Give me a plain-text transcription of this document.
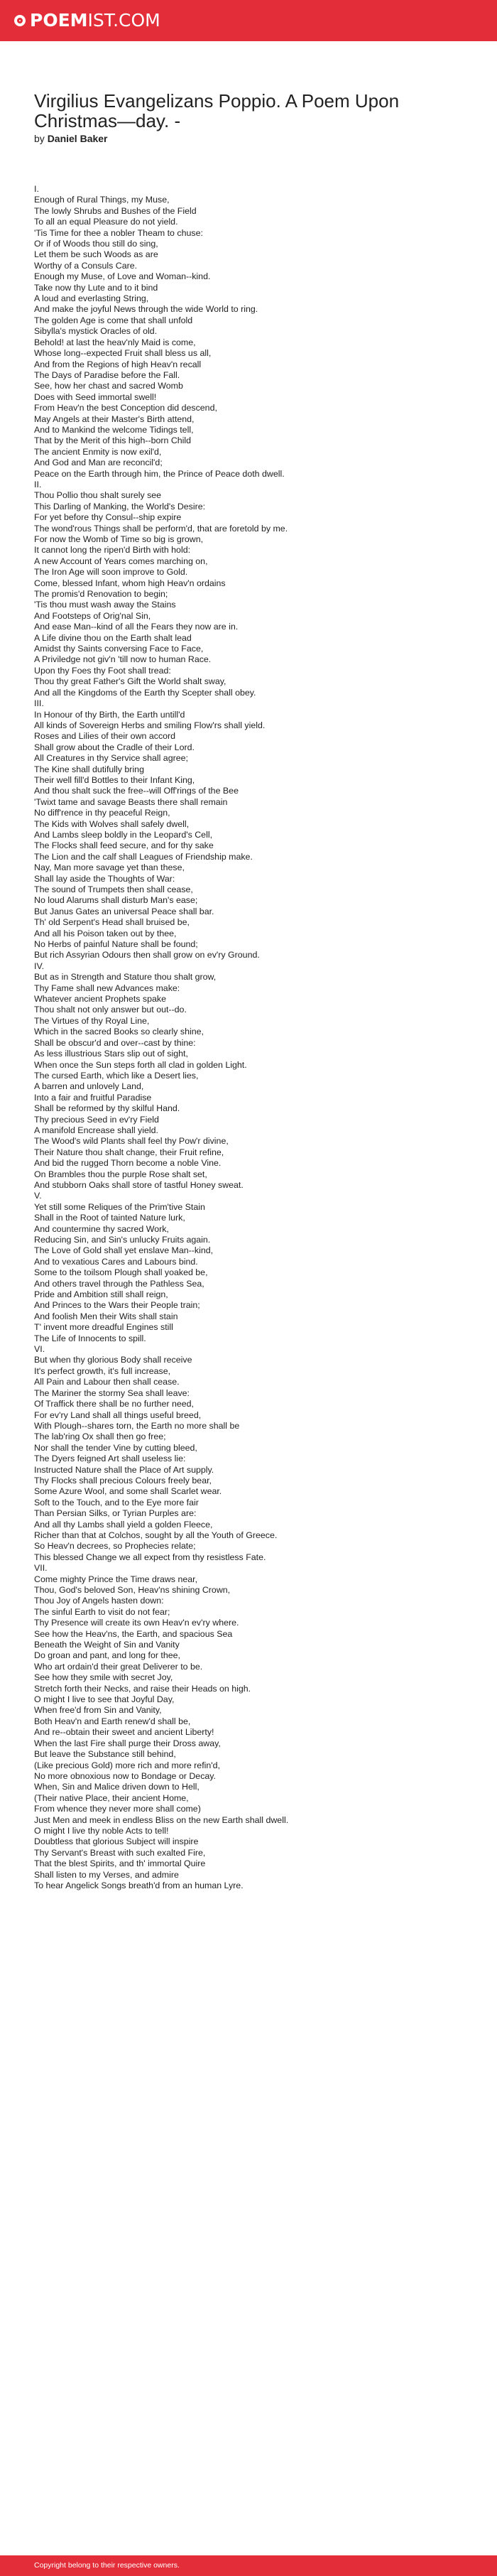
POEM IST.COM
Virgilius Evangelizans Poppio. A Poem Upon Christmas—day. -
by Daniel Baker
I.
Enough of Rural Things, my Muse,
The lowly Shrubs and Bushes of the Field
To all an equal Pleasure do not yield.
'Tis Time for thee a nobler Theam to chuse:
Or if of Woods thou still do sing,
Let them be such Woods as are
Worthy of a Consuls Care.
Enough my Muse, of Love and Woman--kind.
Take now thy Lute and to it bind
A loud and everlasting String,
And make the joyful News through the wide World to ring.
The golden Age is come that shall unfold
Sibylla's mystick Oracles of old.
Behold! at last the heav'nly Maid is come,
Whose long--expected Fruit shall bless us all,
And from the Regions of high Heav'n recall
The Days of Paradise before the Fall.
See, how her chast and sacred Womb
Does with Seed immortal swell!
From Heav'n the best Conception did descend,
May Angels at their Master's Birth attend,
And to Mankind the welcome Tidings tell,
That by the Merit of this high--born Child
The ancient Enmity is now exil'd,
And God and Man are reconcil'd;
Peace on the Earth through him, the Prince of Peace doth dwell.
II.
Thou Pollio thou shalt surely see
This Darling of Manking, the World's Desire:
For yet before thy Consul--ship expire
The wond'rous Things shall be perform'd, that are foretold by me.
For now the Womb of Time so big is grown,
It cannot long the ripen'd Birth with hold:
A new Account of Years comes marching on,
The Iron Age will soon improve to Gold.
Come, blessed Infant, whom high Heav'n ordains
The promis'd Renovation to begin;
'Tis thou must wash away the Stains
And Footsteps of Orig'nal Sin,
And ease Man--kind of all the Fears they now are in.
A Life divine thou on the Earth shalt lead
Amidst thy Saints conversing Face to Face,
A Priviledge not giv'n 'till now to human Race.
Upon thy Foes thy Foot shall tread:
Thou thy great Father's Gift the World shalt sway,
And all the Kingdoms of the Earth thy Scepter shall obey.
III.
In Honour of thy Birth, the Earth untill'd
All kinds of Sovereign Herbs and smiling Flow'rs shall yield.
Roses and Lilies of their own accord
Shall grow about the Cradle of their Lord.
All Creatures in thy Service shall agree;
The Kine shall dutifully bring
Their well fill'd Bottles to their Infant King,
And thou shalt suck the free--will Off'rings of the Bee
'Twixt tame and savage Beasts there shall remain
No diff'rence in thy peaceful Reign,
The Kids with Wolves shall safely dwell,
And Lambs sleep boldly in the Leopard's Cell,
The Flocks shall feed secure, and for thy sake
The Lion and the calf shall Leagues of Friendship make.
Nay, Man more savage yet than these,
Shall lay aside the Thoughts of War:
The sound of Trumpets then shall cease,
No loud Alarums shall disturb Man's ease;
But Janus Gates an universal Peace shall bar.
Th' old Serpent's Head shall bruised be,
And all his Poison taken out by thee,
No Herbs of painful Nature shall be found;
But rich Assyrian Odours then shall grow on ev'ry Ground.
IV.
But as in Strength and Stature thou shalt grow,
Thy Fame shall new Advances make:
Whatever ancient Prophets spake
Thou shalt not only answer but out--do.
The Virtues of thy Royal Line,
Which in the sacred Books so clearly shine,
Shall be obscur'd and over--cast by thine:
As less illustrious Stars slip out of sight,
When once the Sun steps forth all clad in golden Light.
The cursed Earth, which like a Desert lies,
A barren and unlovely Land,
Into a fair and fruitful Paradise
Shall be reformed by thy skilful Hand.
Thy precious Seed in ev'ry Field
A manifold Encrease shall yield.
The Wood's wild Plants shall feel thy Pow'r divine,
Their Nature thou shalt change, their Fruit refine,
And bid the rugged Thorn become a noble Vine.
On Brambles thou the purple Rose shalt set,
And stubborn Oaks shall store of tastful Honey sweat.
V.
Yet still some Reliques of the Prim'tive Stain
Shall in the Root of tainted Nature lurk,
And countermine thy sacred Work,
Reducing Sin, and Sin's unlucky Fruits again.
The Love of Gold shall yet enslave Man--kind,
And to vexatious Cares and Labours bind.
Some to the toilsom Plough shall yoaked be,
And others travel through the Pathless Sea,
Pride and Ambition still shall reign,
And Princes to the Wars their People train;
And foolish Men their Wits shall stain
T' invent more dreadful Engines still
The Life of Innocents to spill.
VI.
But when thy glorious Body shall receive
It's perfect growth, it's full increase,
All Pain and Labour then shall cease.
The Mariner the stormy Sea shall leave:
Of Traffick there shall be no further need,
For ev'ry Land shall all things useful breed,
With Plough--shares torn, the Earth no more shall be
The lab'ring Ox shall then go free;
Nor shall the tender Vine by cutting bleed,
The Dyers feigned Art shall useless lie:
Instructed Nature shall the Place of Art supply.
Thy Flocks shall precious Colours freely bear,
Some Azure Wool, and some shall Scarlet wear.
Soft to the Touch, and to the Eye more fair
Than Persian Silks, or Tyrian Purples are:
And all thy Lambs shall yield a golden Fleece,
Richer than that at Colchos, sought by all the Youth of Greece.
So Heav'n decrees, so Prophecies relate;
This blessed Change we all expect from thy resistless Fate.
VII.
Come mighty Prince the Time draws near,
Thou, God's beloved Son, Heav'ns shining Crown,
Thou Joy of Angels hasten down:
The sinful Earth to visit do not fear;
Thy Presence will create its own Heav'n ev'ry where.
See how the Heav'ns, the Earth, and spacious Sea
Beneath the Weight of Sin and Vanity
Do groan and pant, and long for thee,
Who art ordain'd their great Deliverer to be.
See how they smile with secret Joy,
Stretch forth their Necks, and raise their Heads on high.
O might I live to see that Joyful Day,
When free'd from Sin and Vanity,
Both Heav'n and Earth renew'd shall be,
And re--obtain their sweet and ancient Liberty!
When the last Fire shall purge their Dross away,
But leave the Substance still behind,
(Like precious Gold) more rich and more refin'd,
No more obnoxious now to Bondage or Decay.
When, Sin and Malice driven down to Hell,
(Their native Place, their ancient Home,
From whence they never more shall come)
Just Men and meek in endless Bliss on the new Earth shall dwell.
O might I live thy noble Acts to tell!
Doubtless that glorious Subject will inspire
Thy Servant's Breast with such exalted Fire,
That the blest Spirits, and th' immortal Quire
Shall listen to my Verses, and admire
To hear Angelick Songs breath'd from an human Lyre.
Copyright belong to their respective owners.
